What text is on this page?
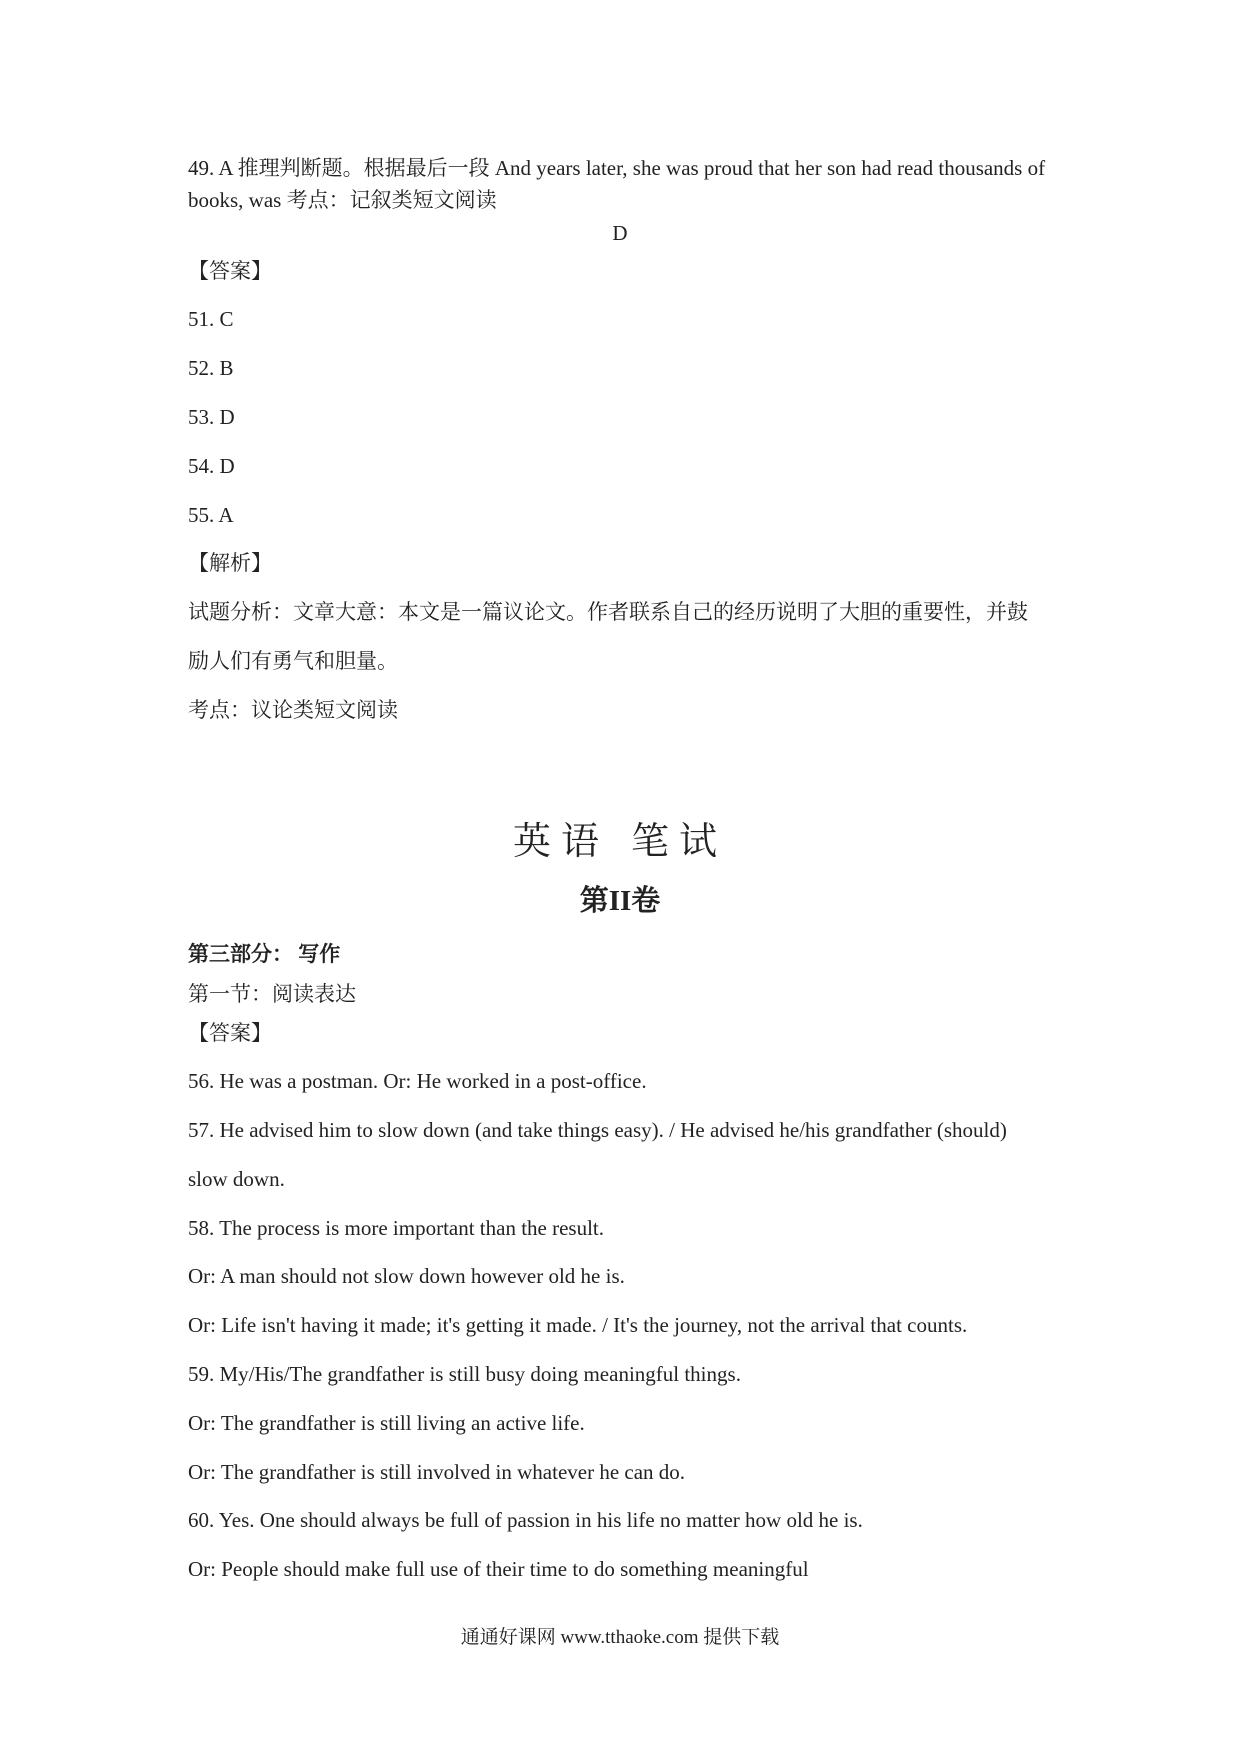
49. A 推理判断题。根据最后一段 And years later, she was proud that her son had read thousands of books, was 考点：记叙类短文阅读
D
【答案】
51. C
52. B
53. D
54. D
55. A
【解析】
试题分析：文章大意：本文是一篇议论文。作者联系自己的经历说明了大胆的重要性，并鼓
励人们有勇气和胆量。
考点：议论类短文阅读
英语 笔试
第II卷
第三部分： 写作
第一节：阅读表达
【答案】
56. He was a postman. Or: He worked in a post-office.
57. He advised him to slow down (and take things easy). / He advised he/his grandfather (should)
slow down.
58. The process is more important than the result.
Or: A man should not slow down however old he is.
Or: Life isn't having it made; it's getting it made. / It's the journey, not the arrival that counts.
59. My/His/The grandfather is still busy doing meaningful things.
Or: The grandfather is still living an active life.
Or: The grandfather is still involved in whatever he can do.
60. Yes. One should always be full of passion in his life no matter how old he is.
Or: People should make full use of their time to do something meaningful
通通好课网 www.tthaoke.com 提供下载
